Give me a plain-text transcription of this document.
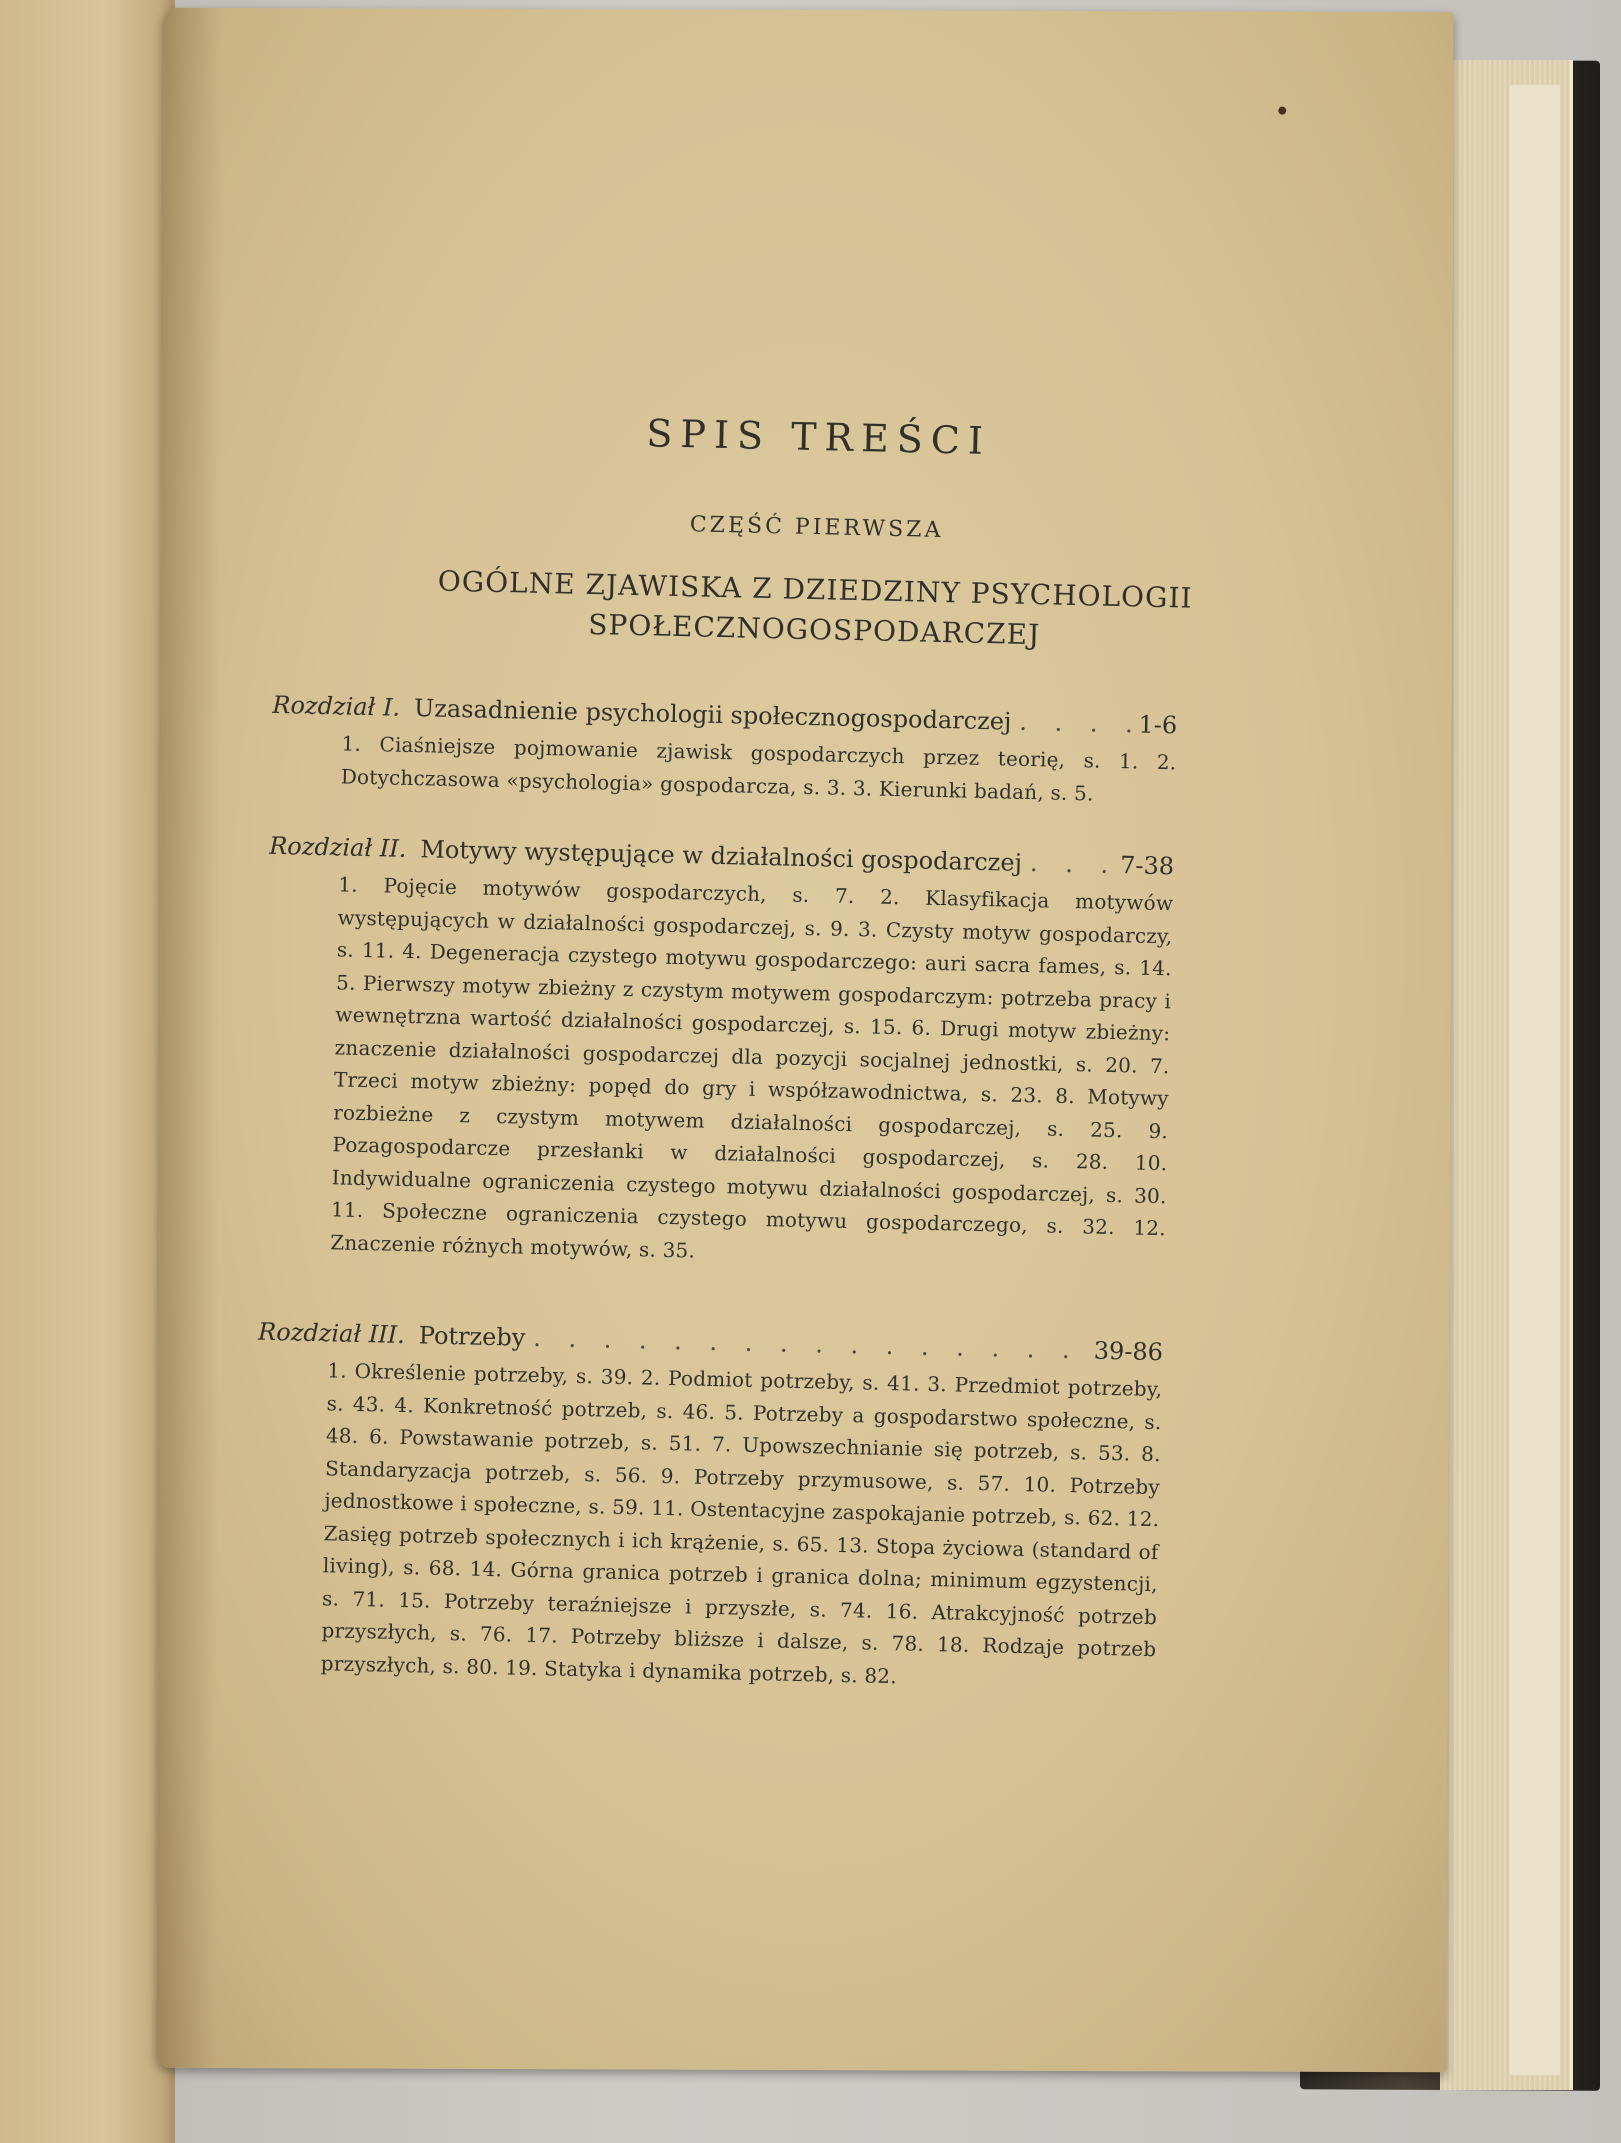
SPIS TREŚCI
CZĘŚĆ PIERWSZA
OGÓLNE ZJAWISKA Z DZIEDZINY PSYCHOLOGII
SPOŁECZNOGOSPODARCZEJ
Rozdział I. Uzasadnienie psychologii społecznogospodarczej . . .	1-6
1. Ciaśniejsze pojmowanie zjawisk gospodarczych przez teorię, s. 1. 2. Dotychczasowa «psychologia» gospodarcza, s. 3. 3. Kierunki badań, s. 5.
Rozdział II. Motywy występujące w działalności gospodarczej . . .	7-38
1. Pojęcie motywów gospodarczych, s. 7. 2. Klasyfikacja motywów występujących w działalności gospodarczej, s. 9. 3. Czysty motyw gospodarczy, s. 11. 4. Degeneracja czystego motywu gospodarczego: auri sacra fames, s. 14. 5. Pierwszy motyw zbieżny z czystym motywem gospodarczym: potrzeba pracy i wewnętrzna wartość działalności gospodarczej, s. 15. 6. Drugi motyw zbieżny: znaczenie działalności gospodarczej dla pozycji socjalnej jednostki, s. 20. 7. Trzeci motyw zbieżny: popęd do gry i współzawodnictwa, s. 23. 8. Motywy rozbieżne z czystym motywem działalności gospodarczej, s. 25. 9. Pozagospodarcze przesłanki w działalności gospodarczej, s. 28. 10. Indywidualne ograniczenia czystego motywu działalności gospodarczej, s. 30. 11. Społeczne ograniczenia czystego motywu gospodarczego, s. 32. 12. Znaczenie różnych motywów, s. 35.
Rozdział III. Potrzeby . . .	39-86
1. Określenie potrzeby, s. 39. 2. Podmiot potrzeby, s. 41. 3. Przedmiot potrzeby, s. 43. 4. Konkretność potrzeb, s. 46. 5. Potrzeby a gospodarstwo społeczne, s. 48. 6. Powstawanie potrzeb, s. 51. 7. Upowszechnianie się potrzeb, s. 53. 8. Standaryzacja potrzeb, s. 56. 9. Potrzeby przymusowe, s. 57. 10. Potrzeby jednostkowe i społeczne, s. 59. 11. Ostentacyjne zaspokajanie potrzeb, s. 62. 12. Zasięg potrzeb społecznych i ich krążenie, s. 65. 13. Stopa życiowa (standard of living), s. 68. 14. Górna granica potrzeb i granica dolna; minimum egzystencji, s. 71. 15. Potrzeby teraźniejsze i przyszłe, s. 74. 16. Atrakcyjność potrzeb przyszłych, s. 76. 17. Potrzeby bliższe i dalsze, s. 78. 18. Rodzaje potrzeb przyszłych, s. 80. 19. Statyka i dynamika potrzeb, s. 82.
